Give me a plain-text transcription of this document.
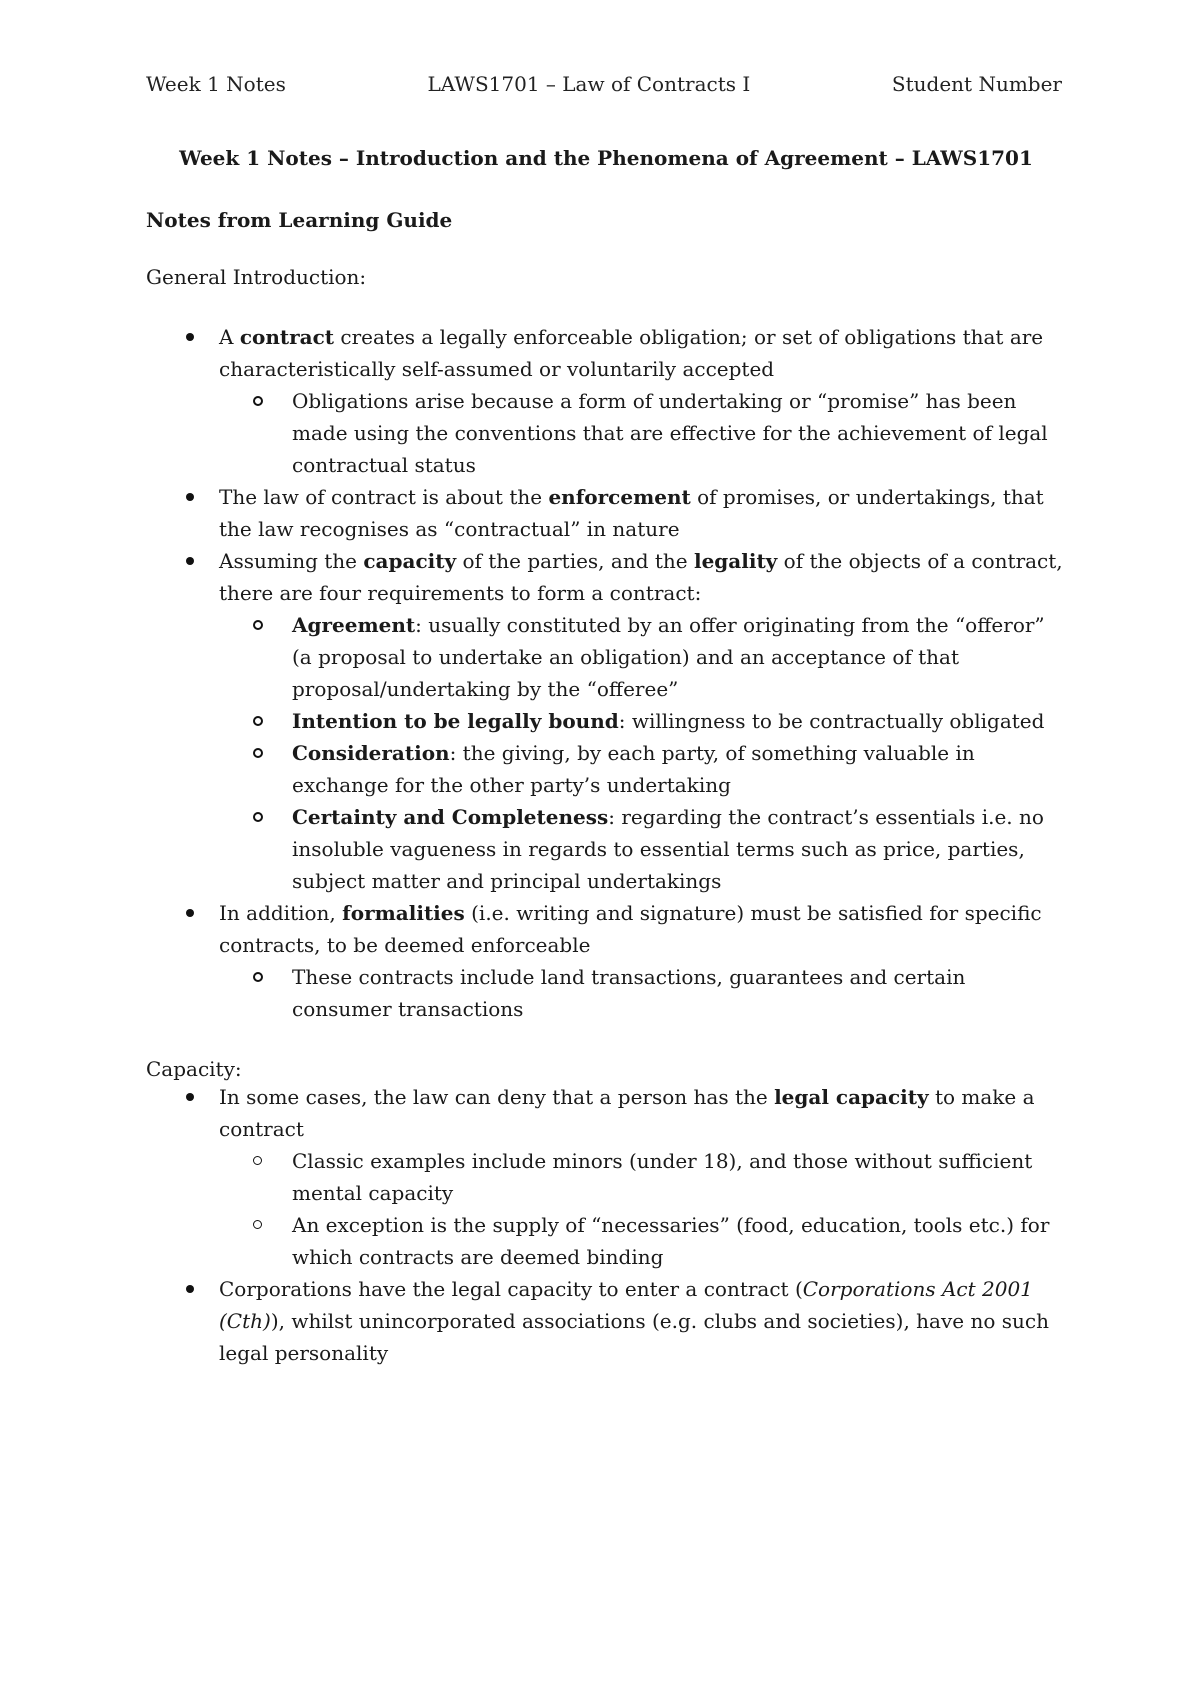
Week 1 Notes	LAWS1701 – Law of Contracts I	Student Number

Week 1 Notes – Introduction and the Phenomena of Agreement – LAWS1701

Notes from Learning Guide

General Introduction:

A contract creates a legally enforceable obligation; or set of obligations that are characteristically self-assumed or voluntarily accepted
Obligations arise because a form of undertaking or “promise” has been made using the conventions that are effective for the achievement of legal contractual status
The law of contract is about the enforcement of promises, or undertakings, that the law recognises as “contractual” in nature
Assuming the capacity of the parties, and the legality of the objects of a contract, there are four requirements to form a contract:
Agreement: usually constituted by an offer originating from the “offeror” (a proposal to undertake an obligation) and an acceptance of that proposal/undertaking by the “offeree”
Intention to be legally bound: willingness to be contractually obligated
Consideration: the giving, by each party, of something valuable in exchange for the other party’s undertaking
Certainty and Completeness: regarding the contract’s essentials i.e. no insoluble vagueness in regards to essential terms such as price, parties, subject matter and principal undertakings
In addition, formalities (i.e. writing and signature) must be satisfied for specific contracts, to be deemed enforceable
These contracts include land transactions, guarantees and certain consumer transactions

Capacity:

In some cases, the law can deny that a person has the legal capacity to make a contract
Classic examples include minors (under 18), and those without sufficient mental capacity
An exception is the supply of “necessaries” (food, education, tools etc.) for which contracts are deemed binding
Corporations have the legal capacity to enter a contract (Corporations Act 2001 (Cth)), whilst unincorporated associations (e.g. clubs and societies), have no such legal personality
